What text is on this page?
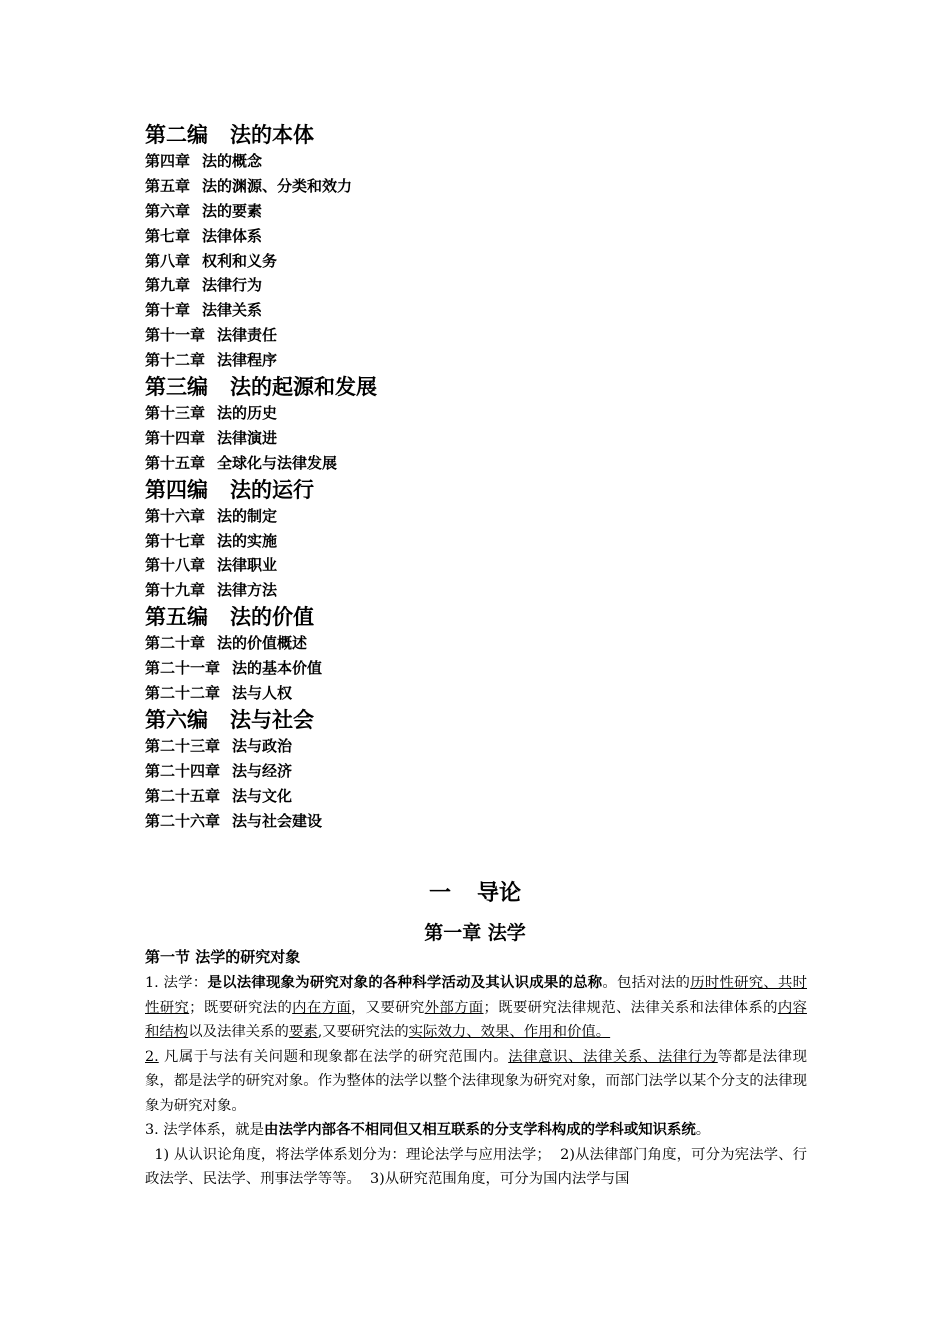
第二编 法的本体
第四章 法的概念
第五章 法的渊源、分类和效力
第六章 法的要素
第七章 法律体系
第八章 权利和义务
第九章 法律行为
第十章 法律关系
第十一章 法律责任
第十二章 法律程序
第三编 法的起源和发展
第十三章 法的历史
第十四章 法律演进
第十五章 全球化与法律发展
第四编 法的运行
第十六章 法的制定
第十七章 法的实施
第十八章 法律职业
第十九章 法律方法
第五编 法的价值
第二十章 法的价值概述
第二十一章 法的基本价值
第二十二章 法与人权
第六编 法与社会
第二十三章 法与政治
第二十四章 法与经济
第二十五章 法与文化
第二十六章 法与社会建设
一 导论
第一章 法学
第一节 法学的研究对象

1. 法学：是以法律现象为研究对象的各种科学活动及其认识成果的总称。包括对法的历时性研究、共时性研究；既要研究法的内在方面，又要研究外部方面；既要研究法律规范、法律关系和法律体系的内容和结构以及法律关系的要素,又要研究法的实际效力、效果、作用和价值。

2. 凡属于与法有关问题和现象都在法学的研究范围内。法律意识、法律关系、法律行为等都是法律现象，都是法学的研究对象。作为整体的法学以整个法律现象为研究对象，而部门法学以某个分支的法律现象为研究对象。

3. 法学体系，就是由法学内部各不相同但又相互联系的分支学科构成的学科或知识系统。

1) 从认识论角度，将法学体系划分为：理论法学与应用法学；  2)从法律部门角度，可分为宪法学、行政法学、民法学、刑事法学等等。  3)从研究范围角度，可分为国内法学与国
